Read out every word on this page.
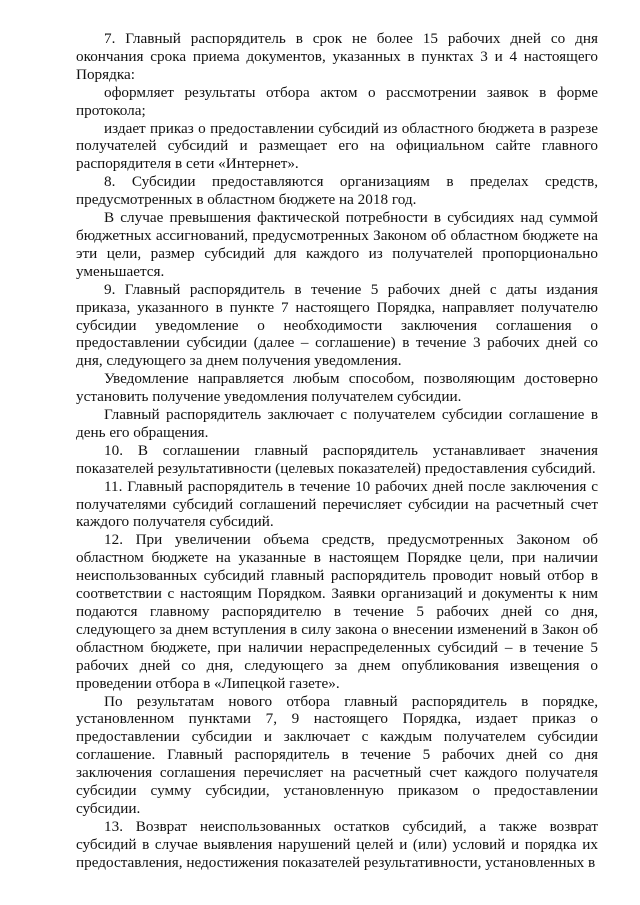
7. Главный распорядитель в срок не более 15 рабочих дней со дня окончания срока приема документов, указанных в пунктах 3 и 4 настоящего Порядка:

оформляет результаты отбора актом о рассмотрении заявок в форме протокола;

издает приказ о предоставлении субсидий из областного бюджета в разрезе получателей субсидий и размещает его на официальном сайте главного распорядителя в сети «Интернет».

8. Субсидии предоставляются организациям в пределах средств, предусмотренных в областном бюджете на 2018 год.

В случае превышения фактической потребности в субсидиях над суммой бюджетных ассигнований, предусмотренных Законом об областном бюджете на эти цели, размер субсидий для каждого из получателей пропорционально уменьшается.

9. Главный распорядитель в течение 5 рабочих дней с даты издания приказа, указанного в пункте 7 настоящего Порядка, направляет получателю субсидии уведомление о необходимости заключения соглашения о предоставлении субсидии (далее – соглашение) в течение 3 рабочих дней со дня, следующего за днем получения уведомления.

Уведомление направляется любым способом, позволяющим достоверно установить получение уведомления получателем субсидии.

Главный распорядитель заключает с получателем субсидии соглашение в день его обращения.

10. В соглашении главный распорядитель устанавливает значения показателей результативности (целевых показателей) предоставления субсидий.

11. Главный распорядитель в течение 10 рабочих дней после заключения с получателями субсидий соглашений перечисляет субсидии на расчетный счет каждого получателя субсидий.

12. При увеличении объема средств, предусмотренных Законом об областном бюджете на указанные в настоящем Порядке цели, при наличии неиспользованных субсидий главный распорядитель проводит новый отбор в соответствии с настоящим Порядком. Заявки организаций и документы к ним подаются главному распорядителю в течение 5 рабочих дней со дня, следующего за днем вступления в силу закона о внесении изменений в Закон об областном бюджете, при наличии нераспределенных субсидий – в течение 5 рабочих дней со дня, следующего за днем опубликования извещения о проведении отбора в «Липецкой газете».

По результатам нового отбора главный распорядитель в порядке, установленном пунктами 7, 9 настоящего Порядка, издает приказ о предоставлении субсидии и заключает с каждым получателем субсидии соглашение. Главный распорядитель в течение 5 рабочих дней со дня заключения соглашения перечисляет на расчетный счет каждого получателя субсидии сумму субсидии, установленную приказом о предоставлении субсидии.

13. Возврат неиспользованных остатков субсидий, а также возврат субсидий в случае выявления нарушений целей и (или) условий и порядка их предоставления, недостижения показателей результативности, установленных в
